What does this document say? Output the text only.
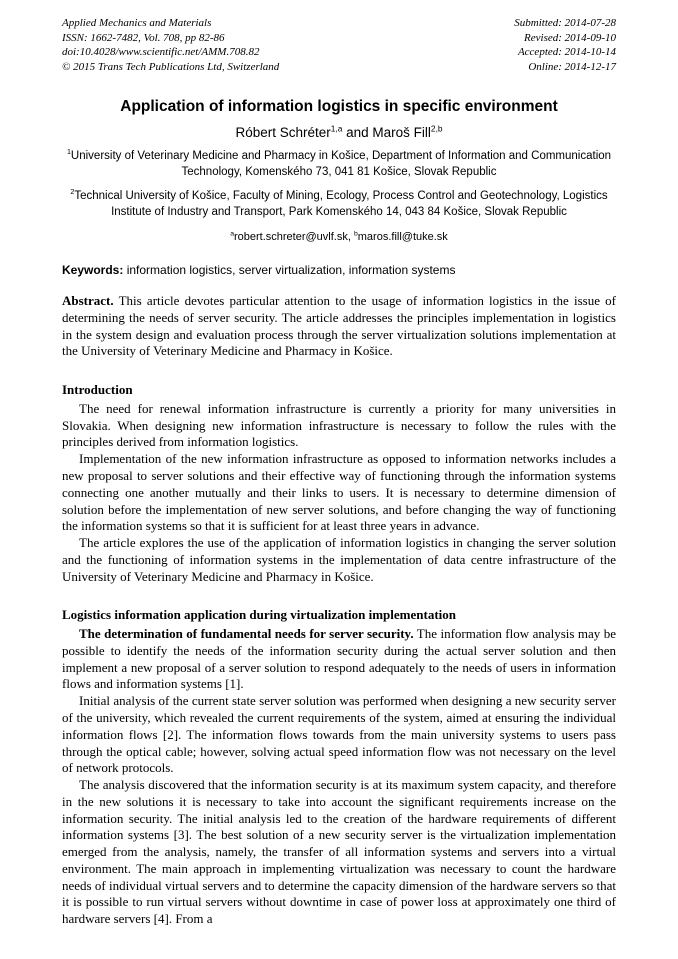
Applied Mechanics and Materials
ISSN: 1662-7482, Vol. 708, pp 82-86
doi:10.4028/www.scientific.net/AMM.708.82
© 2015 Trans Tech Publications Ltd, Switzerland
Submitted: 2014-07-28
Revised: 2014-09-10
Accepted: 2014-10-14
Online: 2014-12-17
Application of information logistics in specific environment
Róbert Schréter$^{1,a}$ and Maroš Fill$^{2,b}$
$^1$University of Veterinary Medicine and Pharmacy in Košice, Department of Information and Communication Technology, Komenského 73, 041 81 Košice, Slovak Republic
$^2$Technical University of Košice, Faculty of Mining, Ecology, Process Control and Geotechnology, Logistics Institute of Industry and Transport, Park Komenského 14, 043 84 Košice, Slovak Republic
$^a$robert.schreter@uvlf.sk, $^b$maros.fill@tuke.sk
Keywords: information logistics, server virtualization, information systems
Abstract. This article devotes particular attention to the usage of information logistics in the issue of determining the needs of server security. The article addresses the principles implementation in logistics in the system design and evaluation process through the server virtualization solutions implementation at the University of Veterinary Medicine and Pharmacy in Košice.
Introduction

The need for renewal information infrastructure is currently a priority for many universities in Slovakia. When designing new information infrastructure is necessary to follow the rules with the principles derived from information logistics.

Implementation of the new information infrastructure as opposed to information networks includes a new proposal to server solutions and their effective way of functioning through the information systems connecting one another mutually and their links to users. It is necessary to determine dimension of solution before the implementation of new server solutions, and before changing the way of functioning the information systems so that it is sufficient for at least three years in advance.

The article explores the use of the application of information logistics in changing the server solution and the functioning of information systems in the implementation of data centre infrastructure of the University of Veterinary Medicine and Pharmacy in Košice.

Logistics information application during virtualization implementation

The determination of fundamental needs for server security. The information flow analysis may be possible to identify the needs of the information security during the actual server solution and then implement a new proposal of a server solution to respond adequately to the needs of users in information flows and information systems [1].

Initial analysis of the current state server solution was performed when designing a new security server of the university, which revealed the current requirements of the system, aimed at ensuring the individual information flows [2]. The information flows towards from the main university systems to users pass through the optical cable; however, solving actual speed information flow was not necessary on the level of network protocols.

The analysis discovered that the information security is at its maximum system capacity, and therefore in the new solutions it is necessary to take into account the significant requirements increase on the information security. The initial analysis led to the creation of the hardware requirements of different information systems [3]. The best solution of a new security server is the virtualization implementation emerged from the analysis, namely, the transfer of all information systems and servers into a virtual environment. The main approach in implementing virtualization was necessary to count the hardware needs of individual virtual servers and to determine the capacity dimension of the hardware servers so that it is possible to run virtual servers without downtime in case of power loss at approximately one third of hardware servers [4]. From a
